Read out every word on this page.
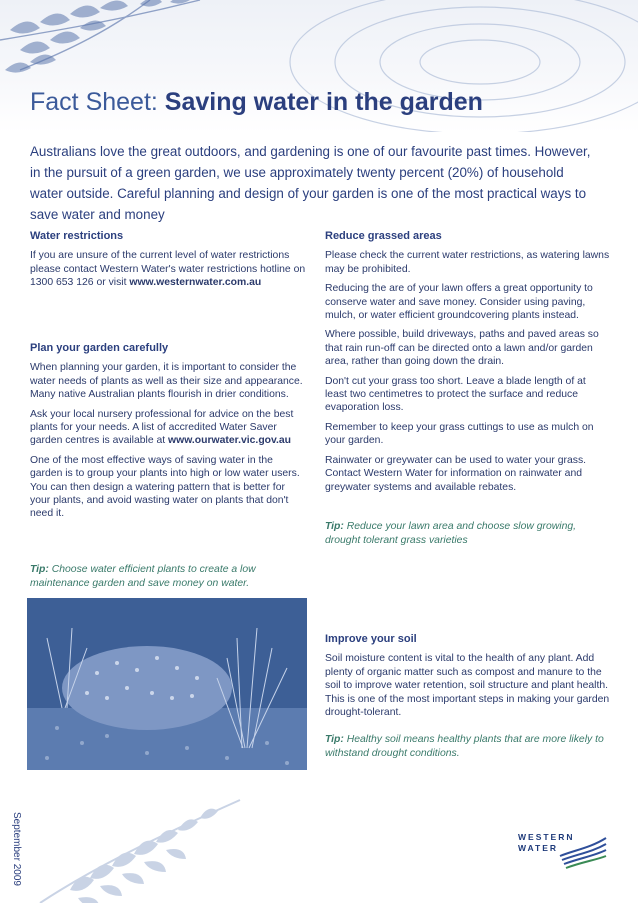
Fact Sheet: Saving water in the garden
Australians love the great outdoors, and gardening is one of our favourite past times. However, in the pursuit of a green garden, we use approximately twenty percent (20%) of household water outside. Careful planning and design of your garden is one of the most practical ways to save water and money
Water restrictions

If you are unsure of the current level of water restrictions please contact Western Water's water restrictions hotline on 1300 653 126 or visit www.westernwater.com.au

Plan your garden carefully

When planning your garden, it is important to consider the water needs of plants as well as their size and appearance. Many native Australian plants flourish in drier conditions.

Ask your local nursery professional for advice on the best plants for your needs. A list of accredited Water Saver garden centres is available at www.ourwater.vic.gov.au

One of the most effective ways of saving water in the garden is to group your plants into high or low water users. You can then design a watering pattern that is better for your plants, and avoid wasting water on plants that don't need it.

Tip: Choose water efficient plants to create a low maintenance garden and save money on water.
Reduce grassed areas

Please check the current water restrictions, as watering lawns may be prohibited.

Reducing the are of your lawn offers a great opportunity to conserve water and save money. Consider using paving, mulch, or water efficient groundcovering plants instead.

Where possible, build driveways, paths and paved areas so that rain run-off can be directed onto a lawn and/or garden area, rather than going down the drain.

Don't cut your grass too short. Leave a blade length of at least two centimetres to protect the surface and reduce evaporation loss.

Remember to keep your grass cuttings to use as mulch on your garden.

Rainwater or greywater can be used to water your grass. Contact Western Water for information on rainwater and greywater systems and available rebates.

Tip: Reduce your lawn area and choose slow growing, drought tolerant grass varieties
Improve your soil

Soil moisture content is vital to the health of any plant. Add plenty of organic matter such as compost and manure to the soil to improve water retention, soil structure and plant health. This is one of the most important steps in making your garden drought-tolerant.

Tip: Healthy soil means healthy plants that are more likely to withstand drought conditions.
September 2009	WESTERN
WATER
